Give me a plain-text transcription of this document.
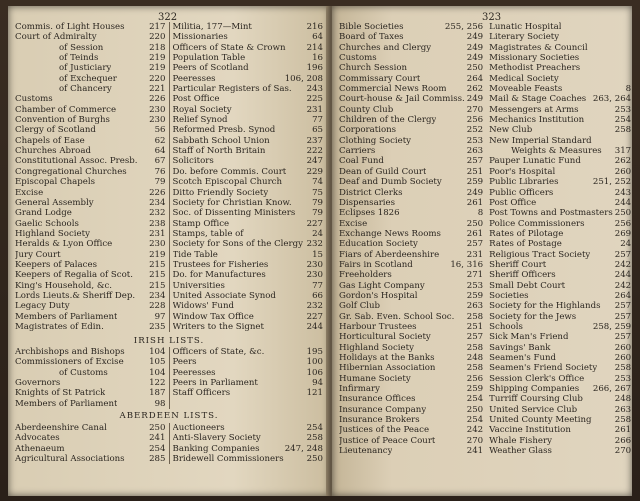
322
Commis. of Light Houses	217
Court of Admiralty	220
of Session	218
of Teinds	219
of Justiciary	219
of Exchequer	220
of Chancery	221
Customs	226
Chamber of Commerce	230
Convention of Burghs	230
Clergy of Scotland	56
Chapels of Ease	62
Churches Abroad	64
Constitutional Assoc. Presb. 67
Congregational Churches	76
Episcopal Chapels	79
Excise	226
General Assembly	234
Grand Lodge	232
Gaelic Schools	238
Highland Society	231
Heralds & Lyon Office	230
Jury Court	219
Keepers of Palaces	215
Keepers of Regalia of Scot. 215
King's Household, &c.	215
Lords Lieuts.& Sheriff Dep. 234
Legacy Duty	228
Members of Parliament	97
Magistrates of Edin.	235
Militia, 177—Mint	216
Missionaries	64
Officers of State & Crown 214
Population Table	16
Peers of Scotland	196
Peeresses	106, 208
Particular Registers of Sas. 243
Post Office	225
Royal Society	231
Relief Synod	77
Reformed Presb. Synod	65
Sabbath School Union	237
Staff of North Britain	222
Solicitors	247
Do. before Commis. Court 229
Scotch Episcopal Church	74
Ditto Friendly Society	75
Society for Christian Know. 79
Soc. of Dissenting Ministers 79
Stamp Office	227
Stamps, table of	24
Society for Sons of the Clergy 232
Tide Table	15
Trustees for Fisheries	230
Do. for Manufactures	230
Universities	77
United Associate Synod	66
Widows' Fund	232
Window Tax Office	227
Writers to the Signet	244
IRISH LISTS.
Archbishops and Bishops	104
Commissioners of Excise	105
of Customs	104
Governors	122
Knights of St Patrick	187
Members of Parliament	98
Officers of State, &c.	195
Peers	100
Peeresses	106
Peers in Parliament	94
Staff Officers	121
ABERDEEN LISTS.
Aberdeenshire Canal	250
Advocates	241
Athenaeum	254
Agricultural Associations	285
Auctioneers	254
Anti-Slavery Society	258
Banking Companies	247, 248
Bridewell Commissioners	250
323
Bible Societies	255, 256
Board of Taxes	249
Churches and Clergy	249
Customs	249
Church Session	250
Commissary Court	264
Commercial News Room 262
Court-house & Jail Commiss. 249
County Club	270
Children of the Clergy	256
Corporations	252
Clothing Society	253
Carriers	263
Coal Fund	257
Dean of Guild Court	251
Deaf and Dumb Society	259
District Clerks	249
Dispensaries	261
Eclipses 1826	8
Excise	250
Exchange News Rooms	261
Education Society	257
Fiars of Aberdeenshire	231
Fairs in Scotland	16, 316
Freeholders	271
Gas Light Company	253
Gordon's Hospital	259
Golf Club	263
Gr. Sab. Even. School Soc. 258
Harbour Trustees	251
Horticultural Society	257
Highland Society	258
Holidays at the Banks	248
Hibernian Association	258
Humane Society	256
Infirmary	259
Insurance Offices	254
Insurance Company	250
Insurance Brokers	254
Justices of the Peace	242
Justice of Peace Court	270
Lieutenancy	241
Lunatic Hospital
Literary Society
Magistrates & Council
Missionary Societies
Methodist Preachers
Medical Society
Moveable Feasts	8
Mail & Stage Coaches 263, 264
Messengers at Arms	253
Mechanics Institution	254
New Club	258
New Imperial Standard
Weights & Measures 317
Pauper Lunatic Fund	262
Poor's Hospital	260
Public Libraries	251, 252
Public Officers	243
Post Office	244
Post Towns and Postmasters 250
Police Commissioners	256
Rates of Pilotage	269
Rates of Postage	24
Religious Tract Society	257
Sheriff Court	242
Sheriff Officers	244
Small Debt Court	242
Societies	264
Society for the Highlands 257
Society for the Jews	257
Schools	258, 259
Sick Man's Friend	257
Savings' Bank	260
Seamen's Fund	260
Seamen's Friend Society 258
Session Clerk's Office	253
Shipping Companies 266, 267
Turriff Coursing Club	248
United Service Club	263
United County Meeting	258
Vaccine Institution	261
Whale Fishery	266
Weather Glass	270
